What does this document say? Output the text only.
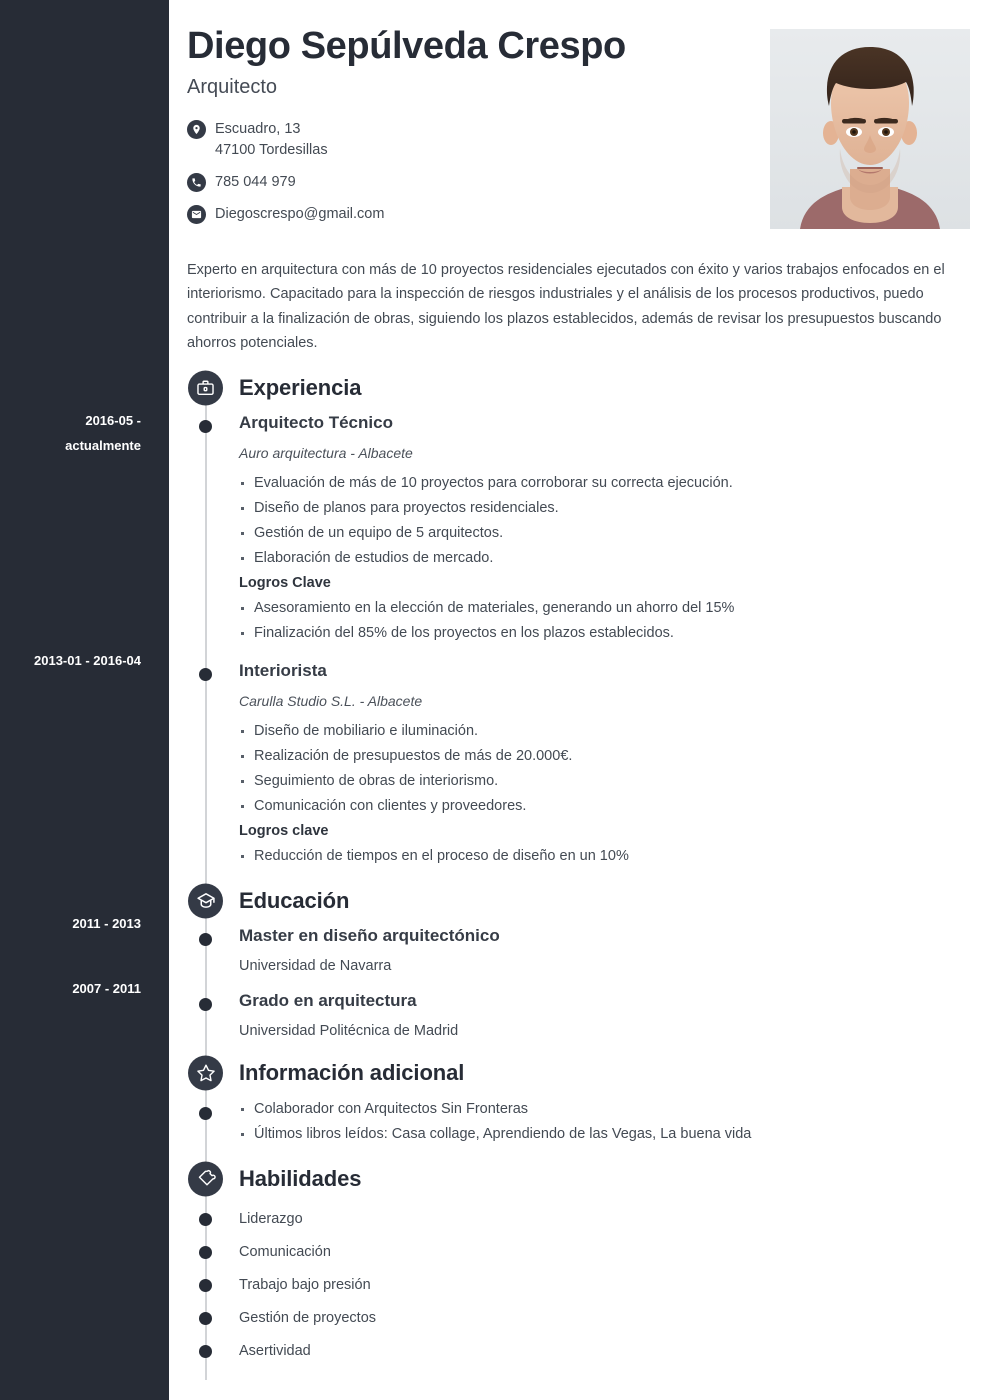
2016-05 -
actualmente
2013-01 - 2016-04
2011 - 2013
2007 - 2011
Diego Sepúlveda Crespo
Arquitecto
Escuadro, 13
47100 Tordesillas
785 044 979
Diegoscrespo@gmail.com

Experto en arquitectura con más de 10 proyectos residenciales ejecutados con éxito y varios trabajos enfocados en el interiorismo. Capacitado para la inspección de riesgos industriales y el análisis de los procesos productivos, puedo contribuir a la finalización de obras, siguiendo los plazos establecidos, además de revisar los presupuestos buscando ahorros potenciales.

Experiencia
Arquitecto Técnico
Auro arquitectura - Albacete
Evaluación de más de 10 proyectos para corroborar su correcta ejecución.
Diseño de planos para proyectos residenciales.
Gestión de un equipo de 5 arquitectos.
Elaboración de estudios de mercado.
Logros Clave
Asesoramiento en la elección de materiales, generando un ahorro del 15%
Finalización del 85% de los proyectos en los plazos establecidos.
Interiorista
Carulla Studio S.L. - Albacete
Diseño de mobiliario e iluminación.
Realización de presupuestos de más de 20.000€.
Seguimiento de obras de interiorismo.
Comunicación con clientes y proveedores.
Logros clave
Reducción de tiempos en el proceso de diseño en un 10%
Educación
Master en diseño arquitectónico
Universidad de Navarra
Grado en arquitectura
Universidad Politécnica de Madrid
Información adicional
Colaborador con Arquitectos Sin Fronteras
Últimos libros leídos: Casa collage, Aprendiendo de las Vegas, La buena vida
Habilidades
Liderazgo
Comunicación
Trabajo bajo presión
Gestión de proyectos
Asertividad
